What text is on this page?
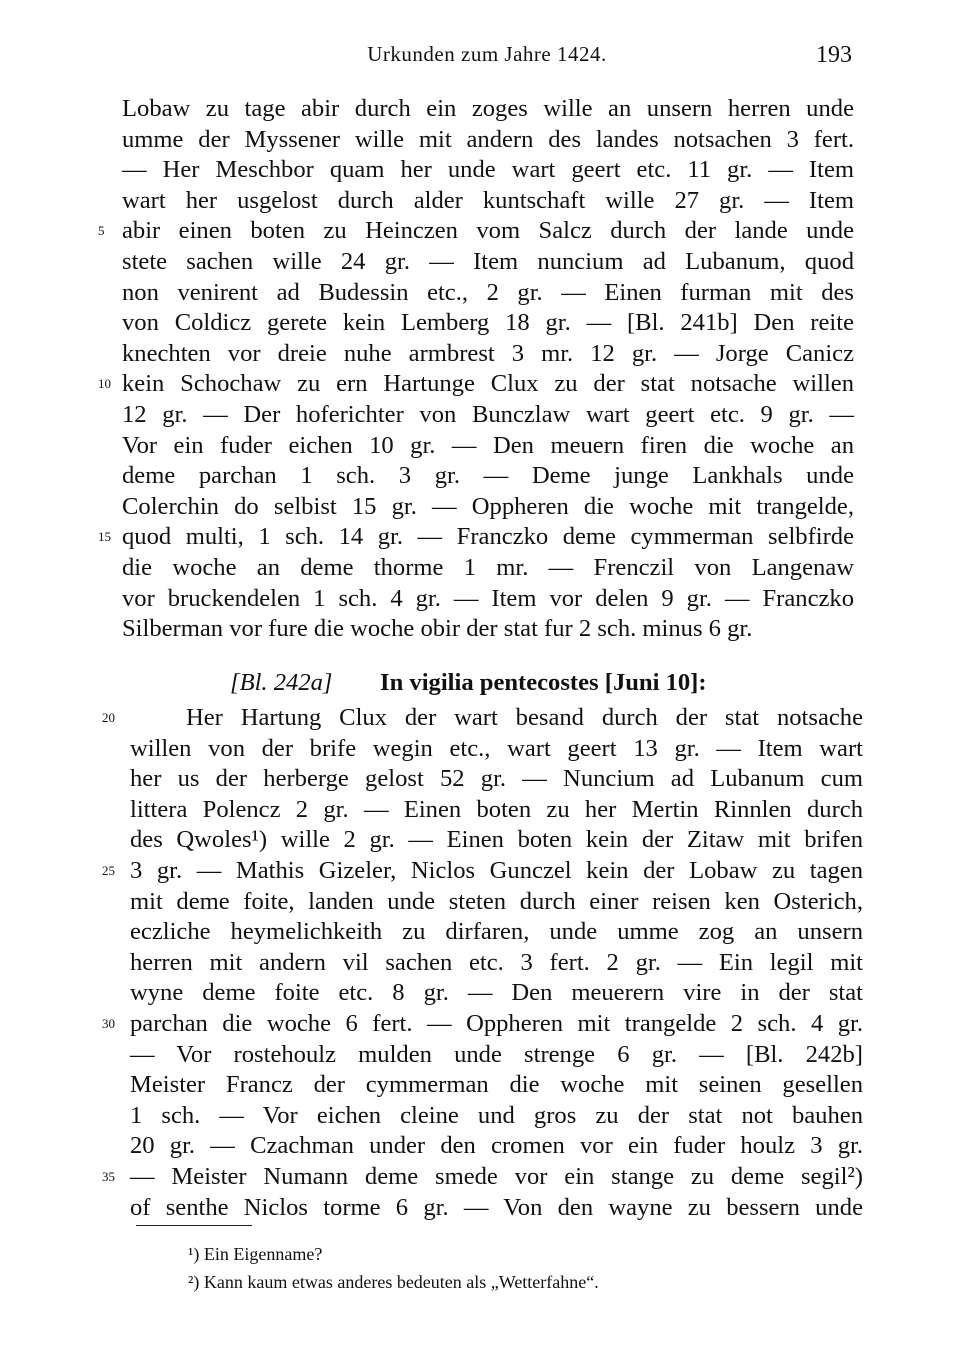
Urkunden zum Jahre 1424.	193
Lobaw zu tage abir durch ein zoges wille an unsern herren unde
umme der Myssener wille mit andern des landes notsachen 3 fert.
— Her Meschbor quam her unde wart geert etc. 11 gr. — Item
wart her usgelost durch alder kuntschaft wille 27 gr. — Item
abir einen boten zu Heinczen vom Salcz durch der lande unde
5
stete sachen wille 24 gr. — Item nuncium ad Lubanum, quod
non venirent ad Budessin etc., 2 gr. — Einen furman mit des
von Coldicz gerete kein Lemberg 18 gr. — [Bl. 241b] Den reite
knechten vor dreie nuhe armbrest 3 mr. 12 gr. — Jorge Canicz
kein Schochaw zu ern Hartunge Clux zu der stat notsache willen
10
12 gr. — Der hoferichter von Bunczlaw wart geert etc. 9 gr. —
Vor ein fuder eichen 10 gr. — Den meuern firen die woche an
deme parchan 1 sch. 3 gr. — Deme junge Lankhals unde
Colerchin do selbist 15 gr. — Oppheren die woche mit trangelde,
quod multi, 1 sch. 14 gr. — Franczko deme cymmerman selbfirde
15
die woche an deme thorme 1 mr. — Frenczil von Langenaw
vor bruckendelen 1 sch. 4 gr. — Item vor delen 9 gr. — Franczko
Silberman vor fure die woche obir der stat fur 2 sch. minus 6 gr.
[Bl. 242a] In vigilia pentecostes [Juni 10]:
Her Hartung Clux der wart besand durch der stat notsache
20
willen von der brife wegin etc., wart geert 13 gr. — Item wart
her us der herberge gelost 52 gr. — Nuncium ad Lubanum cum
littera Polencz 2 gr. — Einen boten zu her Mertin Rinnlen durch
des Qwoles¹) wille 2 gr. — Einen boten kein der Zitaw mit brifen
3 gr. — Mathis Gizeler, Niclos Gunczel kein der Lobaw zu tagen
25
mit deme foite, landen unde steten durch einer reisen ken Osterich,
eczliche heymelichkeith zu dirfaren, unde umme zog an unsern
herren mit andern vil sachen etc. 3 fert. 2 gr. — Ein legil mit
wyne deme foite etc. 8 gr. — Den meuerern vire in der stat
parchan die woche 6 fert. — Oppheren mit trangelde 2 sch. 4 gr.
30
— Vor rostehoulz mulden unde strenge 6 gr. — [Bl. 242b]
Meister Francz der cymmerman die woche mit seinen gesellen
1 sch. — Vor eichen cleine und gros zu der stat not bauhen
20 gr. — Czachman under den cromen vor ein fuder houlz 3 gr.
— Meister Numann deme smede vor ein stange zu deme segil²)
35
of senthe Niclos torme 6 gr. — Von den wayne zu bessern unde
¹) Ein Eigenname?
²) Kann kaum etwas anderes bedeuten als „Wetterfahne“.
